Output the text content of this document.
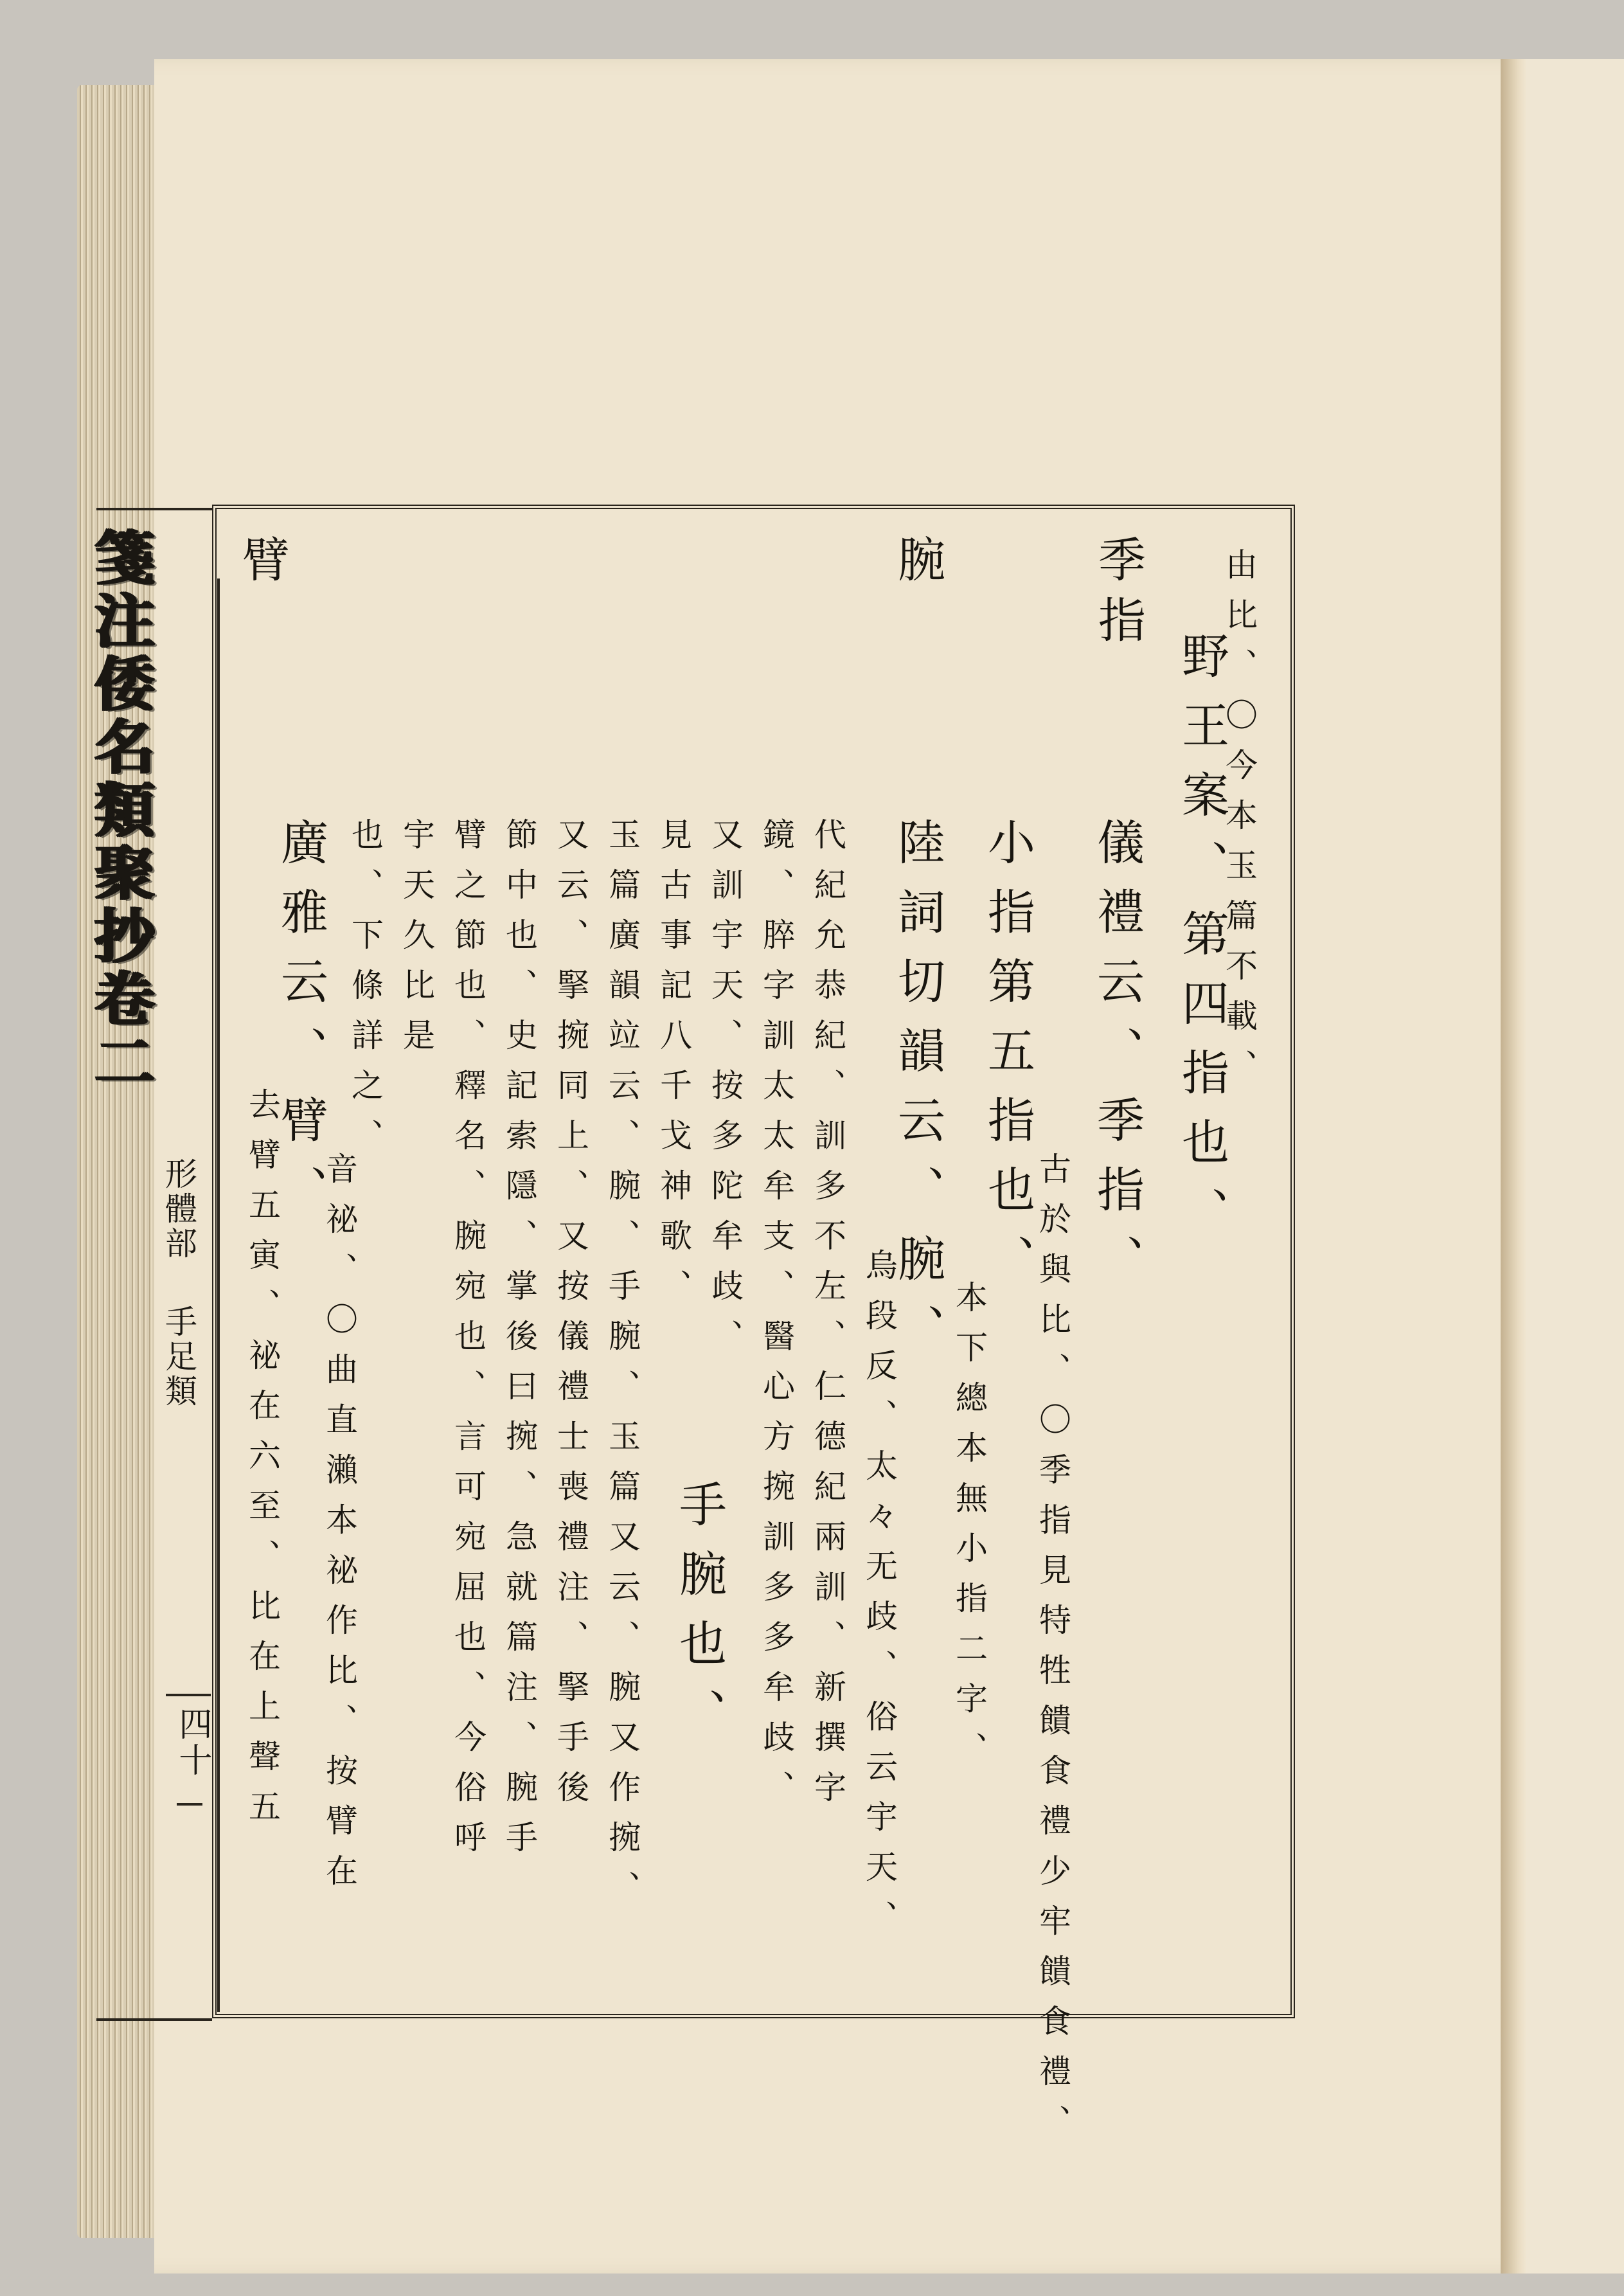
箋注倭名類聚抄卷二
形體部 手足類
四十
由比、〇今本玉篇不載、
野王案、第四指也、
季指
儀禮云、季指、
古於與比、〇季指見特牲饋食禮少牢饋食禮、
小指第五指也、
本下總本無小指二字、
腕
陸詞切韻云、腕、
烏段反、太々无歧、俗云宇天、
代紀允恭紀、訓多不左、仁德紀兩訓、新撰字
鏡、脺字訓太太牟支、醫心方捥訓多多牟歧、
又訓宇天、按多陀牟歧、
見古事記八千戈神歌、
手腕也、
玉篇廣韻竝云、腕、手腕、玉篇又云、腕又作捥、
又云、掔捥同上、又按儀禮士喪禮注、掔手後
節中也、史記索隱、掌後曰捥、急就篇注、腕手
臂之節也、釋名、腕宛也、言可宛屈也、今俗呼
宇天久比是
也、下條詳之、
臂
廣雅云、臂、
音祕、〇曲直瀨本祕作比、按臂在
去臂五寅、祕在六至、比在上聲五
